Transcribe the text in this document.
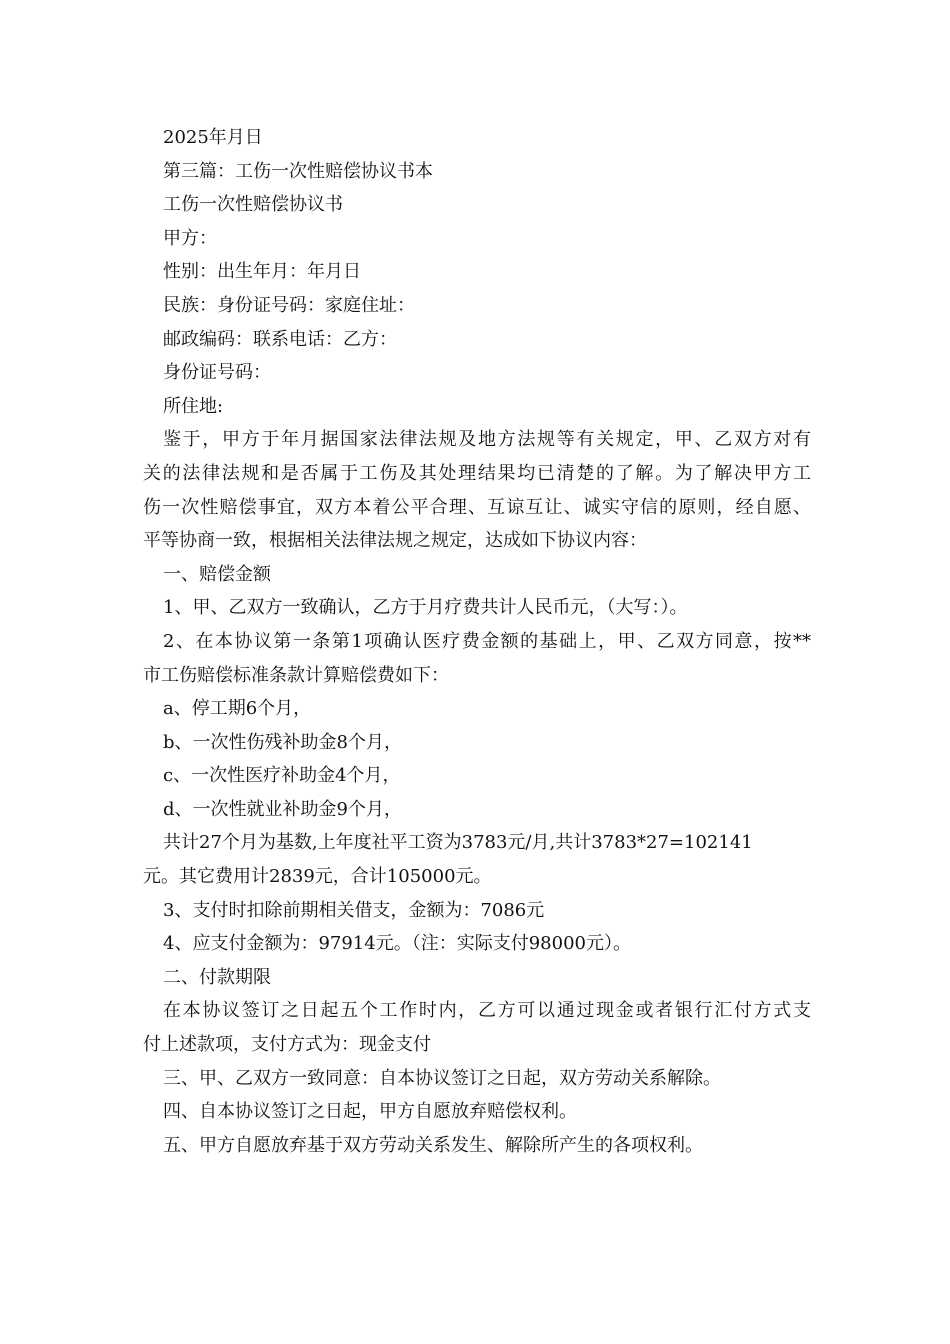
2025年月日
第三篇：工伤一次性赔偿协议书本
工伤一次性赔偿协议书
甲方：
性别：出生年月：年月日
民族：身份证号码：家庭住址：
邮政编码：联系电话：乙方：
身份证号码：
所住地:
鉴于，甲方于年月据国家法律法规及地方法规等有关规定，甲、乙双方对有
关的法律法规和是否属于工伤及其处理结果均已清楚的了解。为了解决甲方工
伤一次性赔偿事宜，双方本着公平合理、互谅互让、诚实守信的原则，经自愿、
平等协商一致，根据相关法律法规之规定，达成如下协议内容：
一、赔偿金额
1、甲、乙双方一致确认，乙方于月疗费共计人民币元，（大写：）。
2、在本协议第一条第1项确认医疗费金额的基础上，甲、乙双方同意，按**
市工伤赔偿标准条款计算赔偿费如下：
a、停工期6个月，
b、一次性伤残补助金8个月，
c、一次性医疗补助金4个月，
d、一次性就业补助金9个月，
共计27个月为基数,上年度社平工资为3783元/月,共计3783*27=102141
元。其它费用计2839元，合计105000元。
3、支付时扣除前期相关借支，金额为：7086元
4、应支付金额为：97914元。（注：实际支付98000元）。
二、付款期限
在本协议签订之日起五个工作时内，乙方可以通过现金或者银行汇付方式支
付上述款项，支付方式为：现金支付
三、甲、乙双方一致同意：自本协议签订之日起，双方劳动关系解除。
四、自本协议签订之日起，甲方自愿放弃赔偿权利。
五、甲方自愿放弃基于双方劳动关系发生、解除所产生的各项权利。
